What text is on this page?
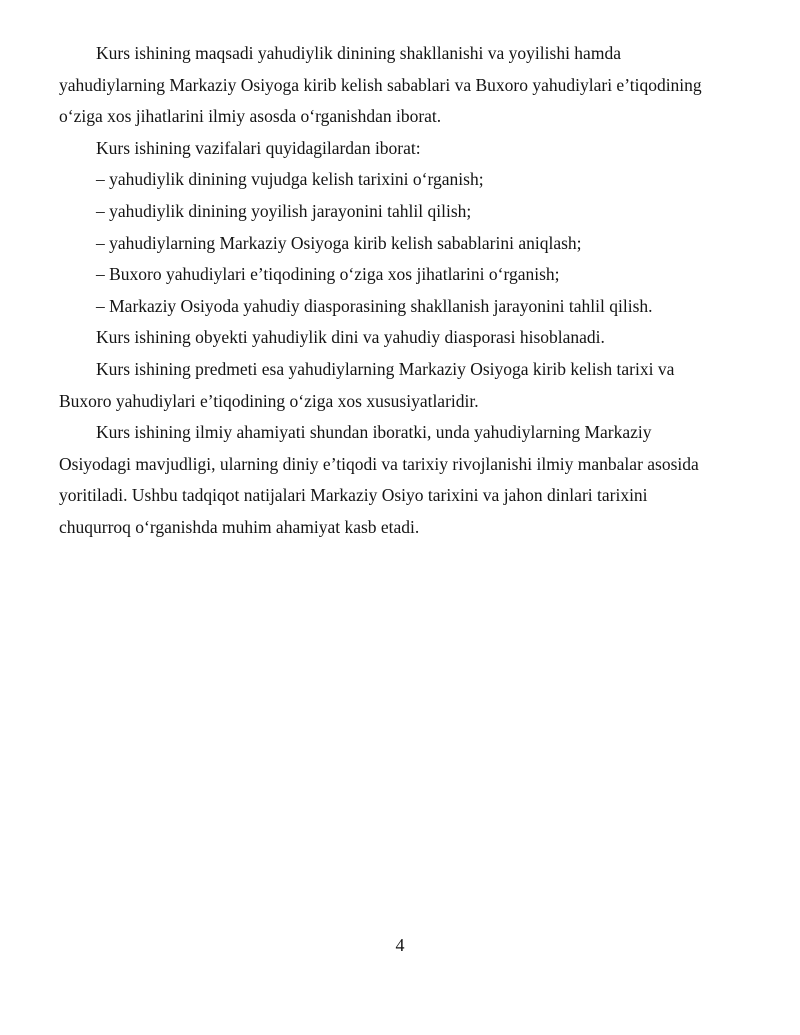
Kurs ishining maqsadi yahudiylik dinining shakllanishi va yoyilishi hamda
yahudiylarning Markaziy Osiyoga kirib kelish sabablari va Buxoro yahudiylari e’tiqodining
o‘ziga xos jihatlarini ilmiy asosda o‘rganishdan iborat.
Kurs ishining vazifalari quyidagilardan iborat:
– yahudiylik dinining vujudga kelish tarixini o‘rganish;
– yahudiylik dinining yoyilish jarayonini tahlil qilish;
– yahudiylarning Markaziy Osiyoga kirib kelish sabablarini aniqlash;
– Buxoro yahudiylari e’tiqodining o‘ziga xos jihatlarini o‘rganish;
– Markaziy Osiyoda yahudiy diasporasining shakllanish jarayonini tahlil qilish.
Kurs ishining obyekti yahudiylik dini va yahudiy diasporasi hisoblanadi.
Kurs ishining predmeti esa yahudiylarning Markaziy Osiyoga kirib kelish tarixi va
Buxoro yahudiylari e’tiqodining o‘ziga xos xususiyatlaridir.
Kurs ishining ilmiy ahamiyati shundan iboratki, unda yahudiylarning Markaziy
Osiyodagi mavjudligi, ularning diniy e’tiqodi va tarixiy rivojlanishi ilmiy manbalar asosida
yoritiladi. Ushbu tadqiqot natijalari Markaziy Osiyo tarixini va jahon dinlari tarixini
chuqurroq o‘rganishda muhim ahamiyat kasb etadi.
4
